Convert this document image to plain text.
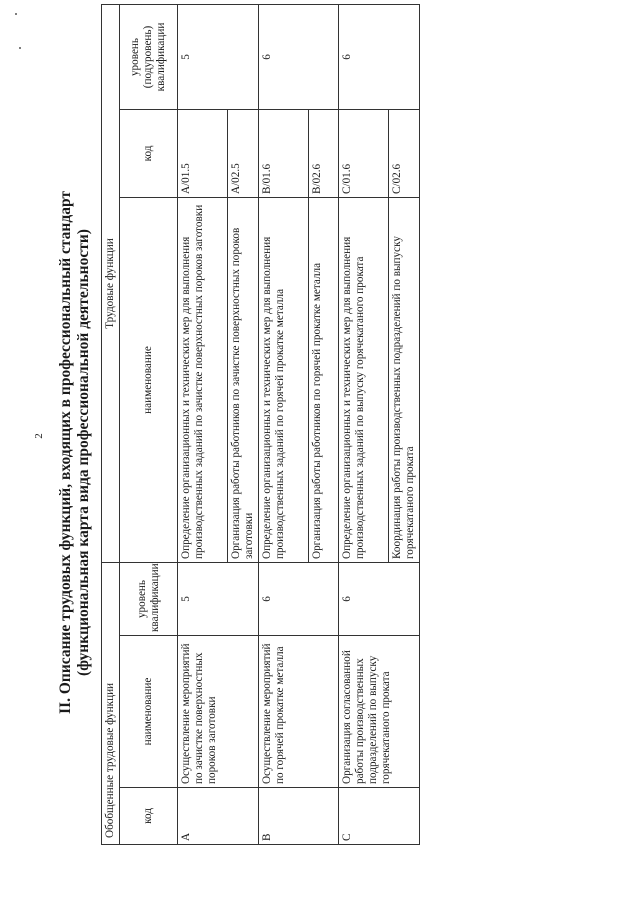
2 II. Описание трудовых функций, входящих в профессиональный стандарт (функциональная карта вида профессиональной деятельности)
Обобщенные трудовые функции			Трудовые функции		
код	наименование	уровень квалификации	наименование	код	уровень (подуровень) квалификации
A	Осуществление мероприятий по зачистке поверхностных пороков заготовки	5	Определение организационных и технических мер для выполнения производственных заданий по зачистке поверхностных пороков заготовки	A/01.5	5
			Организация работы работников по зачистке поверхностных пороков заготовки	A/02.5	
B	Осуществление мероприятий по горячей прокатке металла	6	Определение организационных и технических мер для выполнения производственных заданий по горячей прокатке металла	B/01.6	6
			Организация работы работников по горячей прокатке металла	B/02.6	
C	Организация согласованной работы производственных подразделений по выпуску горячекатаного проката	6	Определение организационных и технических мер для выполнения производственных заданий по выпуску горячекатаного проката	C/01.6	6
			Координация работы производственных подразделений по выпуску горячекатаного проката	C/02.6	
